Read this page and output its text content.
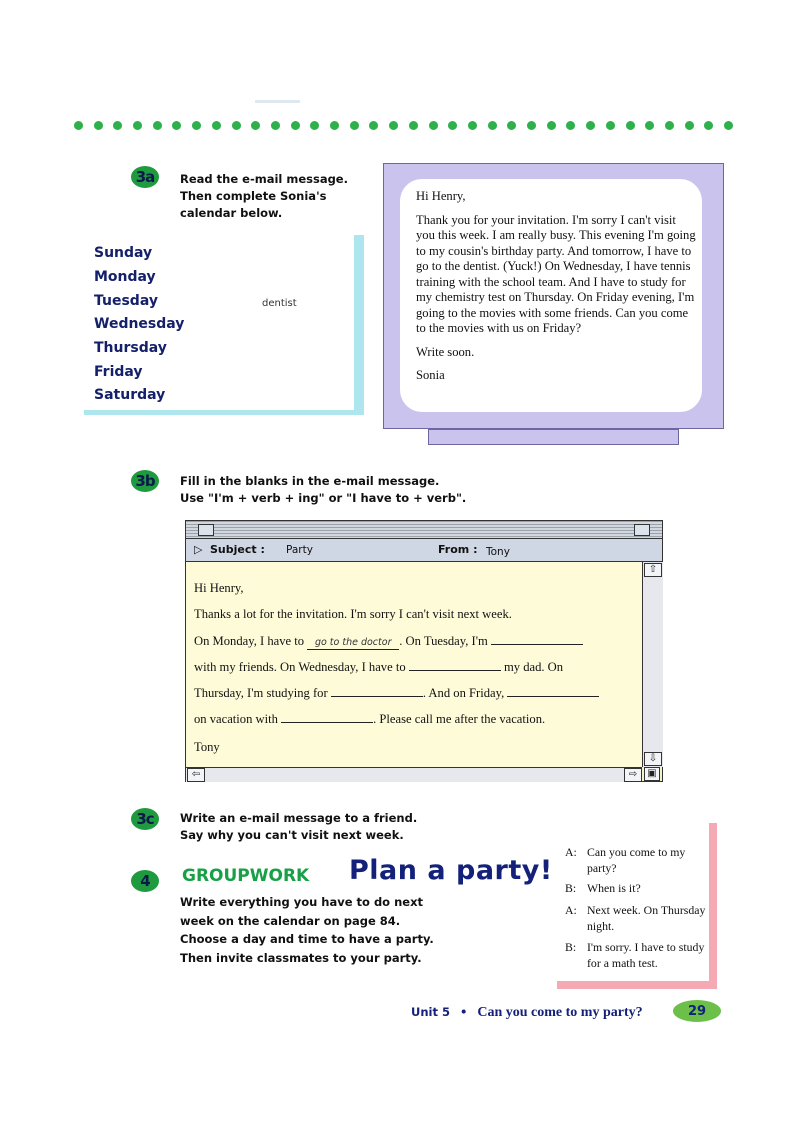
3a	Read the e-mail message.
Then complete Sonia's
calendar below.
Sunday
Monday
Tuesday	dentist
Wednesday
Thursday
Friday
Saturday

Hi Henry,

Thank you for your invitation. I'm sorry I can't visit you this week. I am really busy. This evening I'm going to my cousin's birthday party. And tomorrow, I have to go to the dentist. (Yuck!) On Wednesday, I have tennis training with the school team. And I have to study for my chemistry test on Thursday. On Friday evening, I'm going to the movies with some friends. Can you come to the movies with us on Friday?

Write soon.

Sonia

3b	Fill in the blanks in the e-mail message.
Use "I'm + verb + ing" or "I have to + verb".
▷ Subject : Party	From : Tony
Hi Henry,
Thanks a lot for the invitation. I'm sorry I can't visit next week.
On Monday, I have to go to the doctor . On Tuesday, I'm
with my friends. On Wednesday, I have to	my dad. On
Thursday, I'm studying for	. And on Friday,
on vacation with	. Please call me after the vacation.
Tony
⇧
⇩
⇦	⇨	▣
3c	Write an e-mail message to a friend.
Say why you can't visit next week.
4	GROUPWORK Plan a party!
Write everything you have to do next
week on the calendar on page 84.
Choose a day and time to have a party.
Then invite classmates to your party.
A: Can you come to my party?
B: When is it?
A: Next week. On Thursday night.
B: I'm sorry. I have to study for a math test.
Unit 5 • Can you come to my party?	29
